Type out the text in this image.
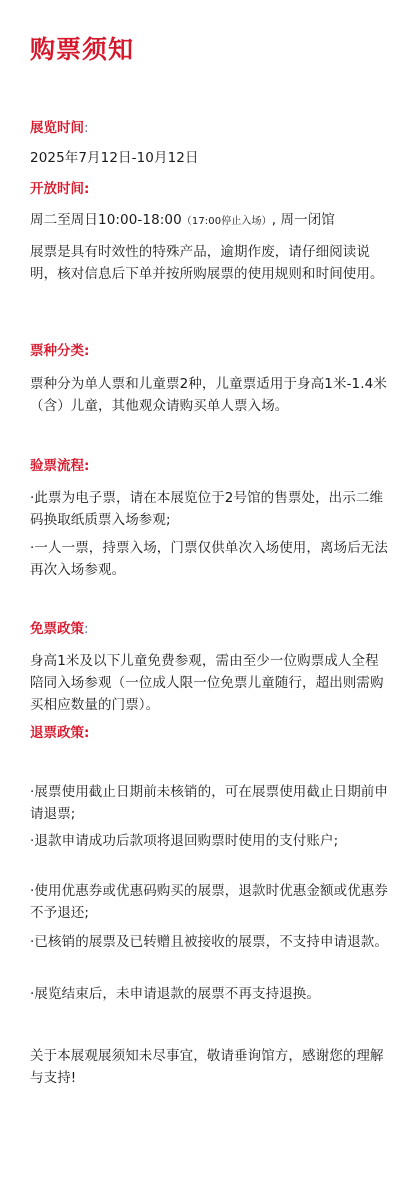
购票须知
展览时间:

2025年7月12日-10月12日

开放时间:

周二至周日10:00-18:00（17:00停止入场）, 周一闭馆

展票是具有时效性的特殊产品，逾期作废，请仔细阅读说明，核对信息后下单并按所购展票的使用规则和时间使用。

票种分类:

票种分为单人票和儿童票2种，儿童票适用于身高1米-1.4米（含）儿童，其他观众请购买单人票入场。

验票流程:

·此票为电子票，请在本展览位于2号馆的售票处，出示二维码换取纸质票入场参观;

·一人一票，持票入场，门票仅供单次入场使用，离场后无法再次入场参观。

免票政策:

身高1米及以下儿童免费参观，需由至少一位购票成人全程陪同入场参观（一位成人限一位免票儿童随行，超出则需购买相应数量的门票）。

退票政策:

·展票使用截止日期前未核销的，可在展票使用截止日期前申请退票;

·退款申请成功后款项将退回购票时使用的支付账户;

·使用优惠券或优惠码购买的展票，退款时优惠金额或优惠券不予退还;

·已核销的展票及已转赠且被接收的展票，不支持申请退款。

·展览结束后，未申请退款的展票不再支持退换。

关于本展观展须知未尽事宜，敬请垂询馆方，感谢您的理解与支持!
